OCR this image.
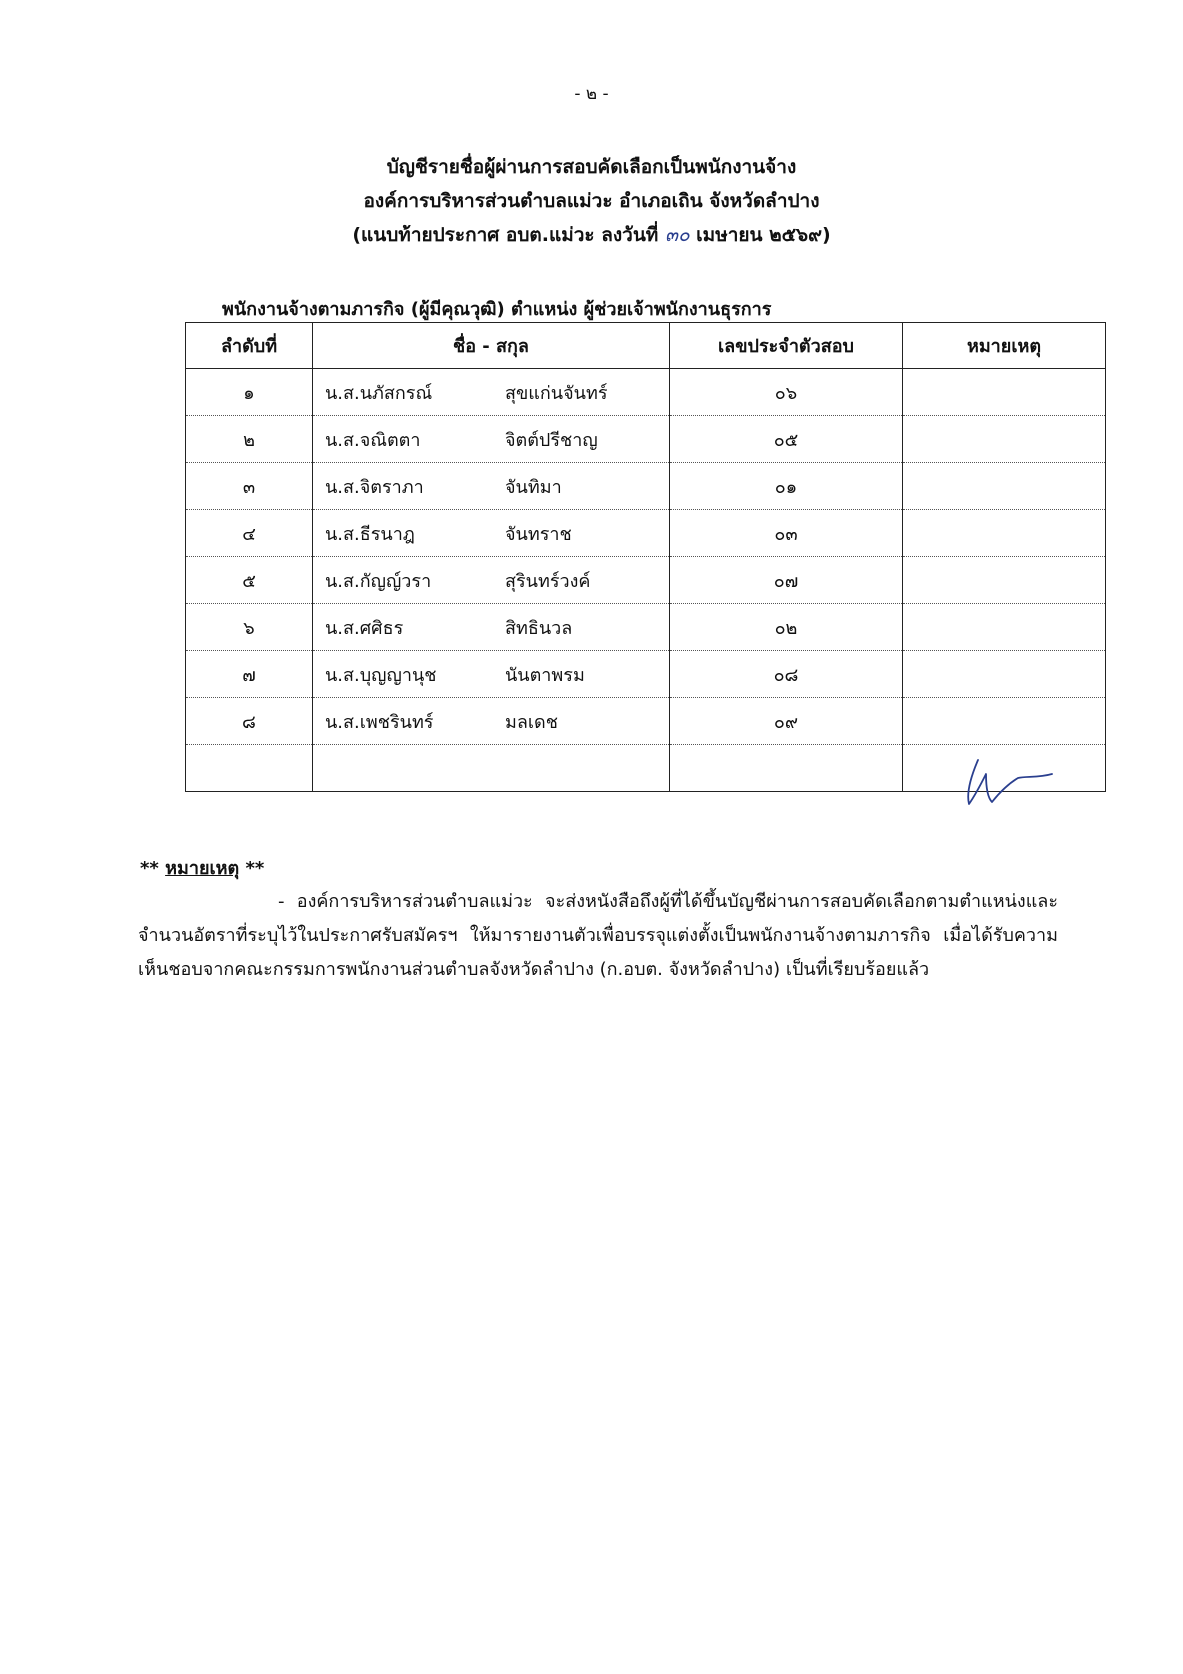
- ๒ -
บัญชีรายชื่อผู้ผ่านการสอบคัดเลือกเป็นพนักงานจ้าง
องค์การบริหารส่วนตำบลแม่วะ อำเภอเถิน จังหวัดลำปาง
(แนบท้ายประกาศ อบต.แม่วะ ลงวันที่ ๓๐ เมษายน ๒๕๖๙)
พนักงานจ้างตามภารกิจ (ผู้มีคุณวุฒิ) ตำแหน่ง ผู้ช่วยเจ้าพนักงานธุรการ
ลำดับที่	ชื่อ - สกุล	เลขประจำตัวสอบ	หมายเหตุ
๑	น.ส.นภัสกรณ์ สุขแก่นจันทร์	๐๖	
๒	น.ส.จณิตตา จิตต์ปรีชาญ	๐๕	
๓	น.ส.จิตราภา จันทิมา	๐๑	
๔	น.ส.ธีรนาฎ จันทราช	๐๓	
๕	น.ส.กัญญ์วรา สุรินทร์วงค์	๐๗	
๖	น.ส.ศศิธร สิทธินวล	๐๒	
๗	น.ส.บุญญานุช นันตาพรม	๐๘	
๘	น.ส.เพชรินทร์ มลเดช	๐๙	

** หมายเหตุ **

- องค์การบริหารส่วนตำบลแม่วะ จะส่งหนังสือถึงผู้ที่ได้ขึ้นบัญชีผ่านการสอบคัดเลือกตามตำแหน่งและจำนวนอัตราที่ระบุไว้ในประกาศรับสมัครฯ ให้มารายงานตัวเพื่อบรรจุแต่งตั้งเป็นพนักงานจ้างตามภารกิจ เมื่อได้รับความเห็นชอบจากคณะกรรมการพนักงานส่วนตำบลจังหวัดลำปาง (ก.อบต. จังหวัดลำปาง) เป็นที่เรียบร้อยแล้ว
